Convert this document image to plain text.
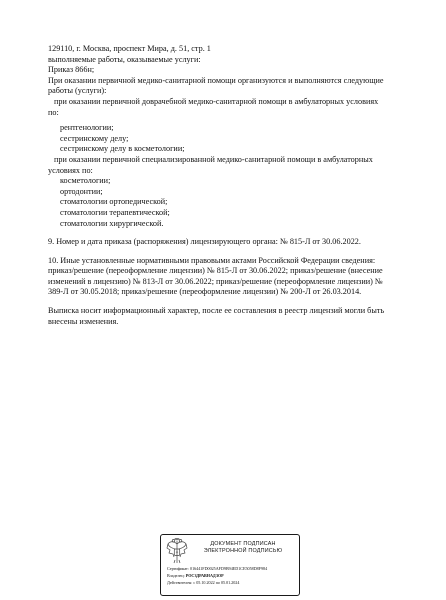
129110, г. Москва, проспект Мира, д. 51, стр. 1
выполняемые работы, оказываемые услуги:
Приказ 866н;
При оказании первичной медико-санитарной помощи организуются и выполняются следующие
работы (услуги):
при оказании первичной доврачебной медико-санитарной помощи в амбулаторных условиях
по:
рентгенологии;
сестринскому делу;
сестринскому делу в косметологии;
при оказании первичной специализированной медико-санитарной помощи в амбулаторных
условиях по:
косметологии;
ортодонтии;
стоматологии ортопедической;
стоматологии терапевтической;
стоматологии хирургической.
9. Номер и дата приказа (распоряжения) лицензирующего органа: № 815-Л от 30.06.2022.
10. Иные установленные нормативными правовыми актами Российской Федерации сведения:
приказ/решение (переоформление лицензии) № 815-Л от 30.06.2022; приказ/решение (внесение
изменений в лицензию) № 813-Л от 30.06.2022; приказ/решение (переоформление лицензии) №
389-Л от 30.05.2018; приказ/решение (переоформление лицензии) № 200-Л от 26.03.2014.
Выписка носит информационный характер, после ее составления в реестр лицензий могли быть
внесены изменения.
ДОКУМЕНТ ПОДПИСАН
ЭЛЕКТРОННОЙ ПОДПИСЬЮ
Сертификат: 016441FD0025AFD9B94ED1CE5058D8F984
Владелец: РОСЗДРАВНАДЗОР
Действителен: с 05.10.2022 по 05.01.2024
